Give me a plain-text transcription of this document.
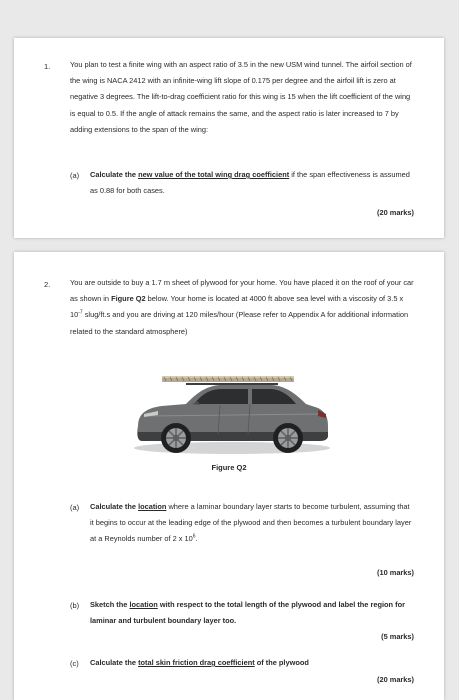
1.	You plan to test a finite wing with an aspect ratio of 3.5 in the new USM wind tunnel. The airfoil section of the wing is NACA 2412 with an infinite-wing lift slope of 0.175 per degree and the airfoil lift is zero at negative 3 degrees. The lift-to-drag coefficient ratio for this wing is 15 when the lift coefficient of the wing is equal to 0.5. If the angle of attack remains the same, and the aspect ratio is later increased to 7 by adding extensions to the span of the wing:

(a) Calculate the new value of the total wing drag coefficient if the span effectiveness is assumed as 0.88 for both cases.

(20 marks)
2.	You are outside to buy a 1.7 m sheet of plywood for your home. You have placed it on the roof of your car as shown in Figure Q2 below. Your home is located at 4000 ft above sea level with a viscosity of 3.5 x $10^{-7}$ slug/ft.s and you are driving at 120 miles/hour (Please refer to Appendix A for additional information related to the standard atmosphere)

Figure Q2
(a) Calculate the location where a laminar boundary layer starts to become turbulent, assuming that it begins to occur at the leading edge of the plywood and then becomes a turbulent boundary layer at a Reynolds number of 2 x $10^6$.

(10 marks)
(b) Sketch the location with respect to the total length of the plywood and label the region for laminar and turbulent boundary layer too.

(5 marks)
(c) Calculate the total skin friction drag coefficient of the plywood

(20 marks)
